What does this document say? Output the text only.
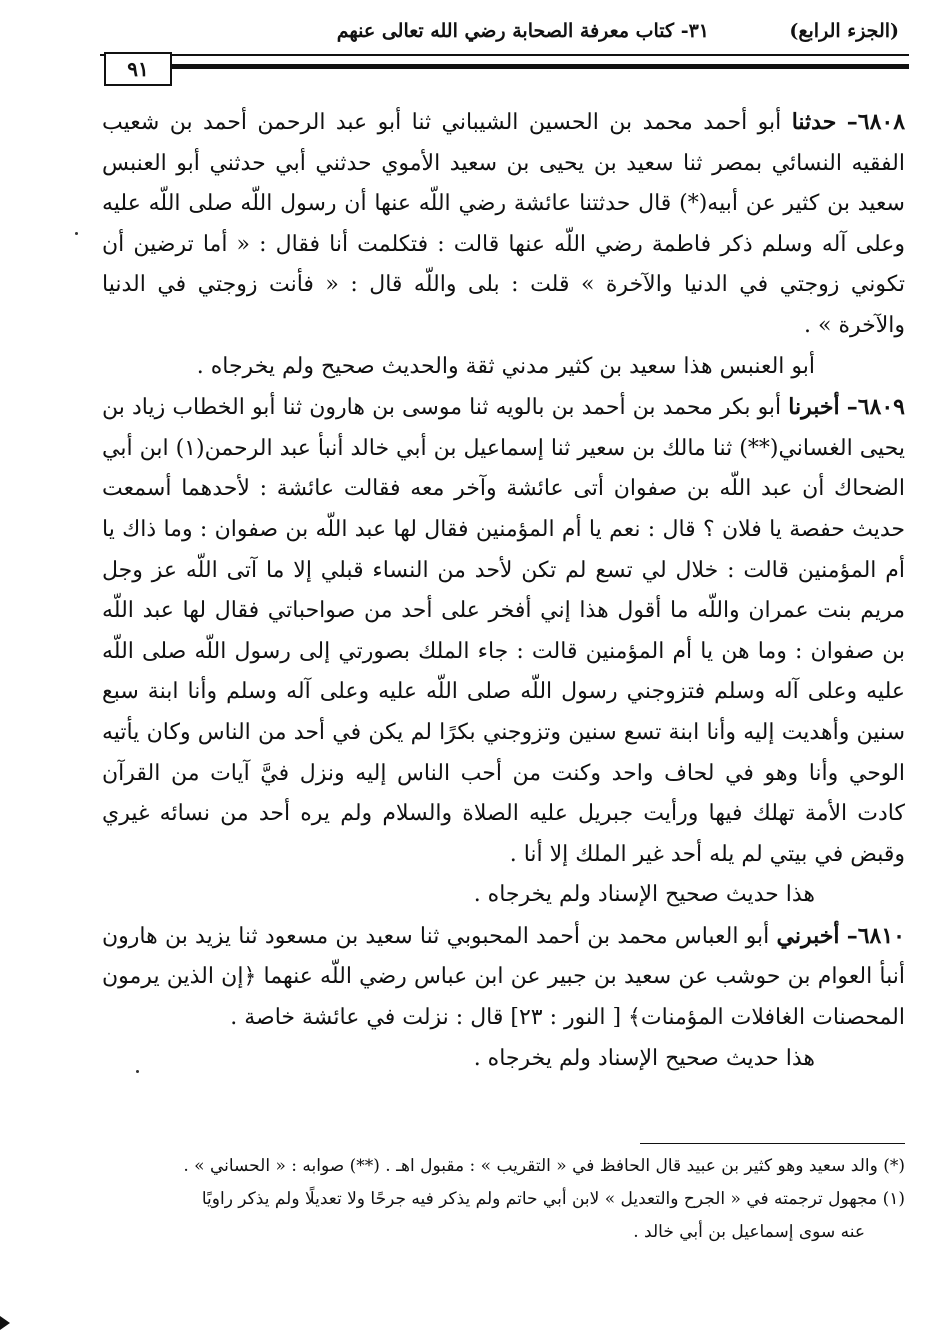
(الجزء الرابع)
٣١- كتاب معرفة الصحابة رضي الله تعالى عنهم
٩١

٦٨٠٨– حدثنا أبو أحمد محمد بن الحسين الشيباني ثنا أبو عبد الرحمن أحمد بن شعيب الفقيه النسائي بمصر ثنا سعيد بن يحيى بن سعيد الأموي حدثني أبي حدثني أبو العنبس سعيد بن كثير عن أبيه(*) قال حدثتنا عائشة رضي اللّه عنها أن رسول اللّه صلى اللّه عليه وعلى آله وسلم ذكر فاطمة رضي اللّه عنها قالت : فتكلمت أنا فقال : « أما ترضين أن تكوني زوجتي في الدنيا والآخرة » قلت : بلى واللّه قال : « فأنت زوجتي في الدنيا والآخرة » .

أبو العنبس هذا سعيد بن كثير مدني ثقة والحديث صحيح ولم يخرجاه .

٦٨٠٩– أخبرنا أبو بكر محمد بن أحمد بن بالويه ثنا موسى بن هارون ثنا أبو الخطاب زياد بن يحيى الغساني(**) ثنا مالك بن سعير ثنا إسماعيل بن أبي خالد أنبأ عبد الرحمن(١) ابن أبي الضحاك أن عبد اللّه بن صفوان أتى عائشة وآخر معه فقالت عائشة : لأحدهما أسمعت حديث حفصة يا فلان ؟ قال : نعم يا أم المؤمنين فقال لها عبد اللّه بن صفوان : وما ذاك يا أم المؤمنين قالت : خلال لي تسع لم تكن لأحد من النساء قبلي إلا ما آتى اللّه عز وجل مريم بنت عمران واللّه ما أقول هذا إني أفخر على أحد من صواحباتي فقال لها عبد اللّه بن صفوان : وما هن يا أم المؤمنين قالت : جاء الملك بصورتي إلى رسول اللّه صلى اللّه عليه وعلى آله وسلم فتزوجني رسول اللّه صلى اللّه عليه وعلى آله وسلم وأنا ابنة سبع سنين وأهديت إليه وأنا ابنة تسع سنين وتزوجني بكرًا لم يكن في أحد من الناس وكان يأتيه الوحي وأنا وهو في لحاف واحد وكنت من أحب الناس إليه ونزل فيَّ آيات من القرآن كادت الأمة تهلك فيها ورأيت جبريل عليه الصلاة والسلام ولم يره أحد من نسائه غيري وقبض في بيتي لم يله أحد غير الملك إلا أنا .

هذا حديث صحيح الإسناد ولم يخرجاه .

٦٨١٠– أخبرني أبو العباس محمد بن أحمد المحبوبي ثنا سعيد بن مسعود ثنا يزيد بن هارون أنبأ العوام بن حوشب عن سعيد بن جبير عن ابن عباس رضي اللّه عنهما ﴿إن الذين يرمون المحصنات الغافلات المؤمنات﴾ [ النور : ٢٣] قال : نزلت في عائشة خاصة .

هذا حديث صحيح الإسناد ولم يخرجاه .

(*) والد سعيد وهو كثير بن عبيد قال الحافظ في « التقريب » : مقبول اهـ . (**) صوابه : « الحساني » .

(١) مجهول ترجمته في « الجرح والتعديل » لابن أبي حاتم ولم يذكر فيه جرحًا ولا تعديلًا ولم يذكر راويًا

عنه سوى إسماعيل بن أبي خالد .
